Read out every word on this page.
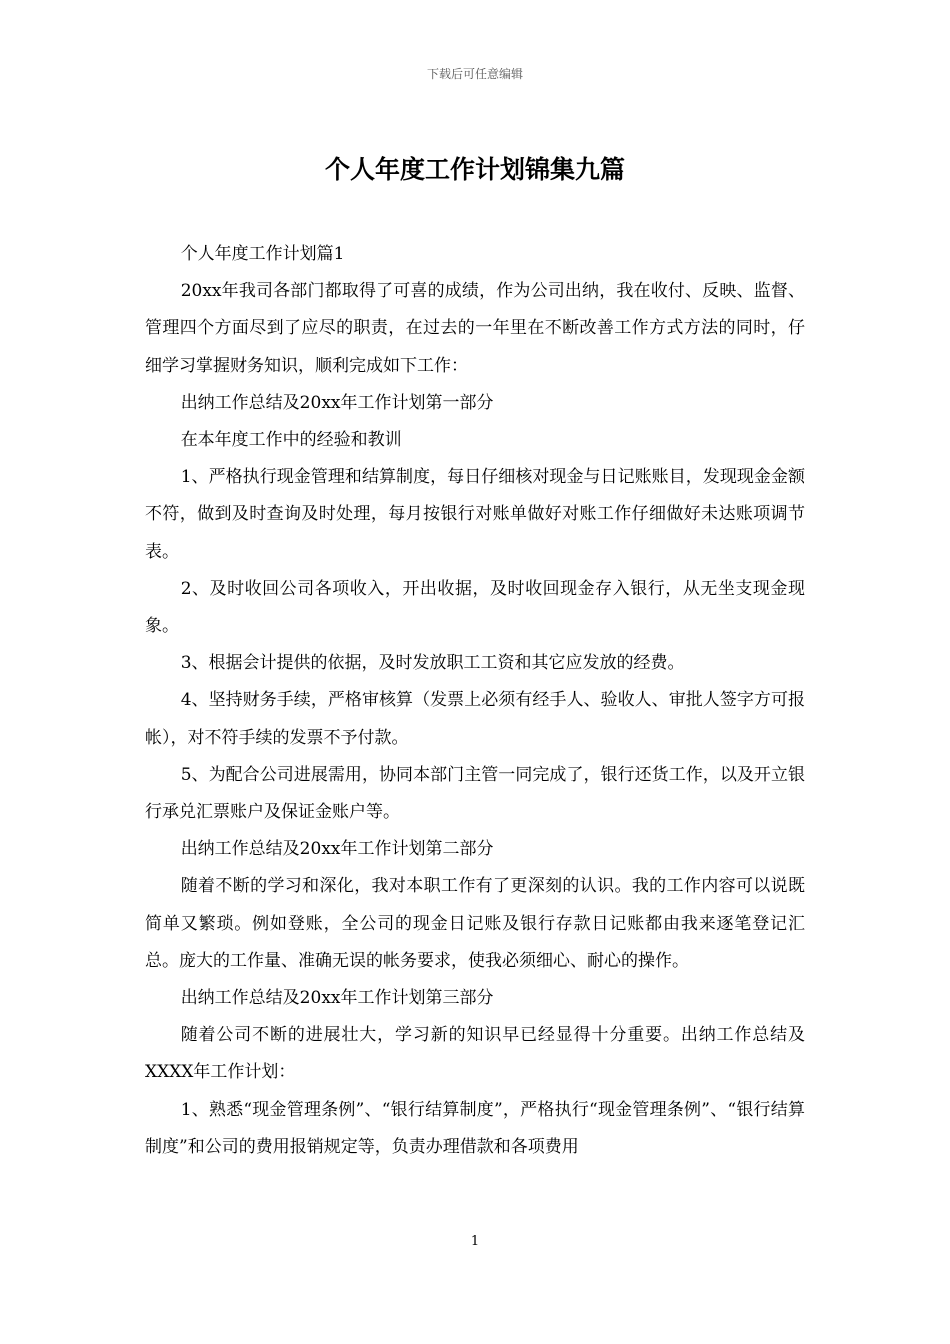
下载后可任意编辑
个人年度工作计划锦集九篇

个人年度工作计划篇1

20xx年我司各部门都取得了可喜的成绩，作为公司出纳，我在收付、反映、监督、管理四个方面尽到了应尽的职责，在过去的一年里在不断改善工作方式方法的同时，仔细学习掌握财务知识，顺利完成如下工作：

出纳工作总结及20xx年工作计划第一部分

在本年度工作中的经验和教训

1、严格执行现金管理和结算制度，每日仔细核对现金与日记账账目，发现现金金额不符，做到及时查询及时处理，每月按银行对账单做好对账工作仔细做好未达账项调节表。

2、及时收回公司各项收入，开出收据，及时收回现金存入银行，从无坐支现金现象。

3、根据会计提供的依据，及时发放职工工资和其它应发放的经费。

4、坚持财务手续，严格审核算（发票上必须有经手人、验收人、审批人签字方可报帐），对不符手续的发票不予付款。

5、为配合公司进展需用，协同本部门主管一同完成了，银行还货工作，以及开立银行承兑汇票账户及保证金账户等。

出纳工作总结及20xx年工作计划第二部分

随着不断的学习和深化，我对本职工作有了更深刻的认识。我的工作内容可以说既简单又繁琐。例如登账，全公司的现金日记账及银行存款日记账都由我来逐笔登记汇总。庞大的工作量、准确无误的帐务要求，使我必须细心、耐心的操作。

出纳工作总结及20xx年工作计划第三部分

随着公司不断的进展壮大，学习新的知识早已经显得十分重要。出纳工作总结及XXXX年工作计划：

1、熟悉“现金管理条例”、“银行结算制度”，严格执行“现金管理条例”、“银行结算制度”和公司的费用报销规定等，负责办理借款和各项费用

1
